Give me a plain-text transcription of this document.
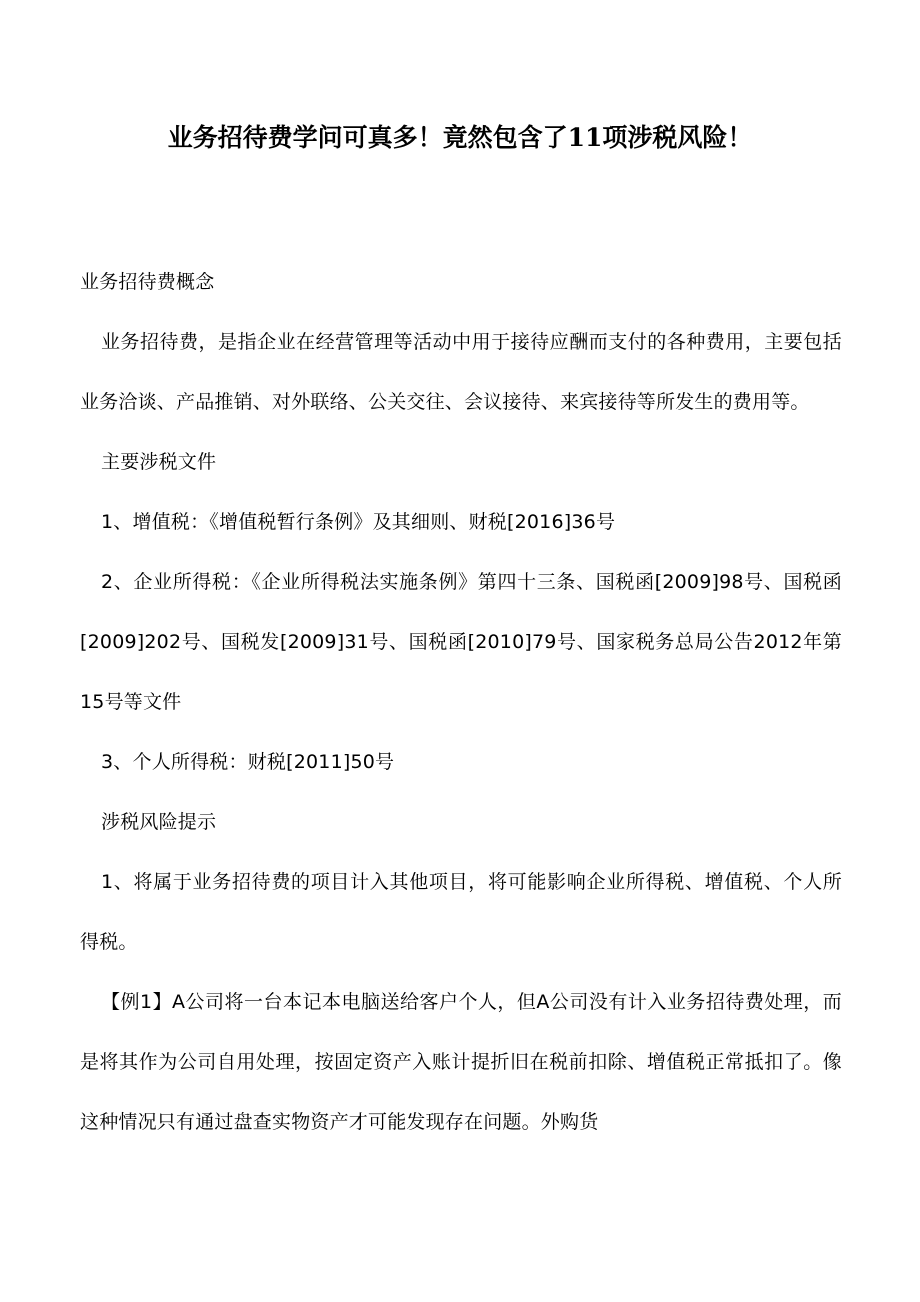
业务招待费学问可真多！竟然包含了11项涉税风险！

业务招待费概念

业务招待费，是指企业在经营管理等活动中用于接待应酬而支付的各种费用，主要包括业务洽谈、产品推销、对外联络、公关交往、会议接待、来宾接待等所发生的费用等。

主要涉税文件

1、增值税：《增值税暂行条例》及其细则、财税[2016]36号

2、企业所得税：《企业所得税法实施条例》第四十三条、国税函[2009]98号、国税函[2009]202号、国税发[2009]31号、国税函[2010]79号、国家税务总局公告2012年第15号等文件

3、个人所得税：财税[2011]50号

涉税风险提示

1、将属于业务招待费的项目计入其他项目，将可能影响企业所得税、增值税、个人所得税。

【例1】A公司将一台本记本电脑送给客户个人，但A公司没有计入业务招待费处理，而是将其作为公司自用处理，按固定资产入账计提折旧在税前扣除、增值税正常抵扣了。像这种情况只有通过盘查实物资产才可能发现存在问题。外购货
